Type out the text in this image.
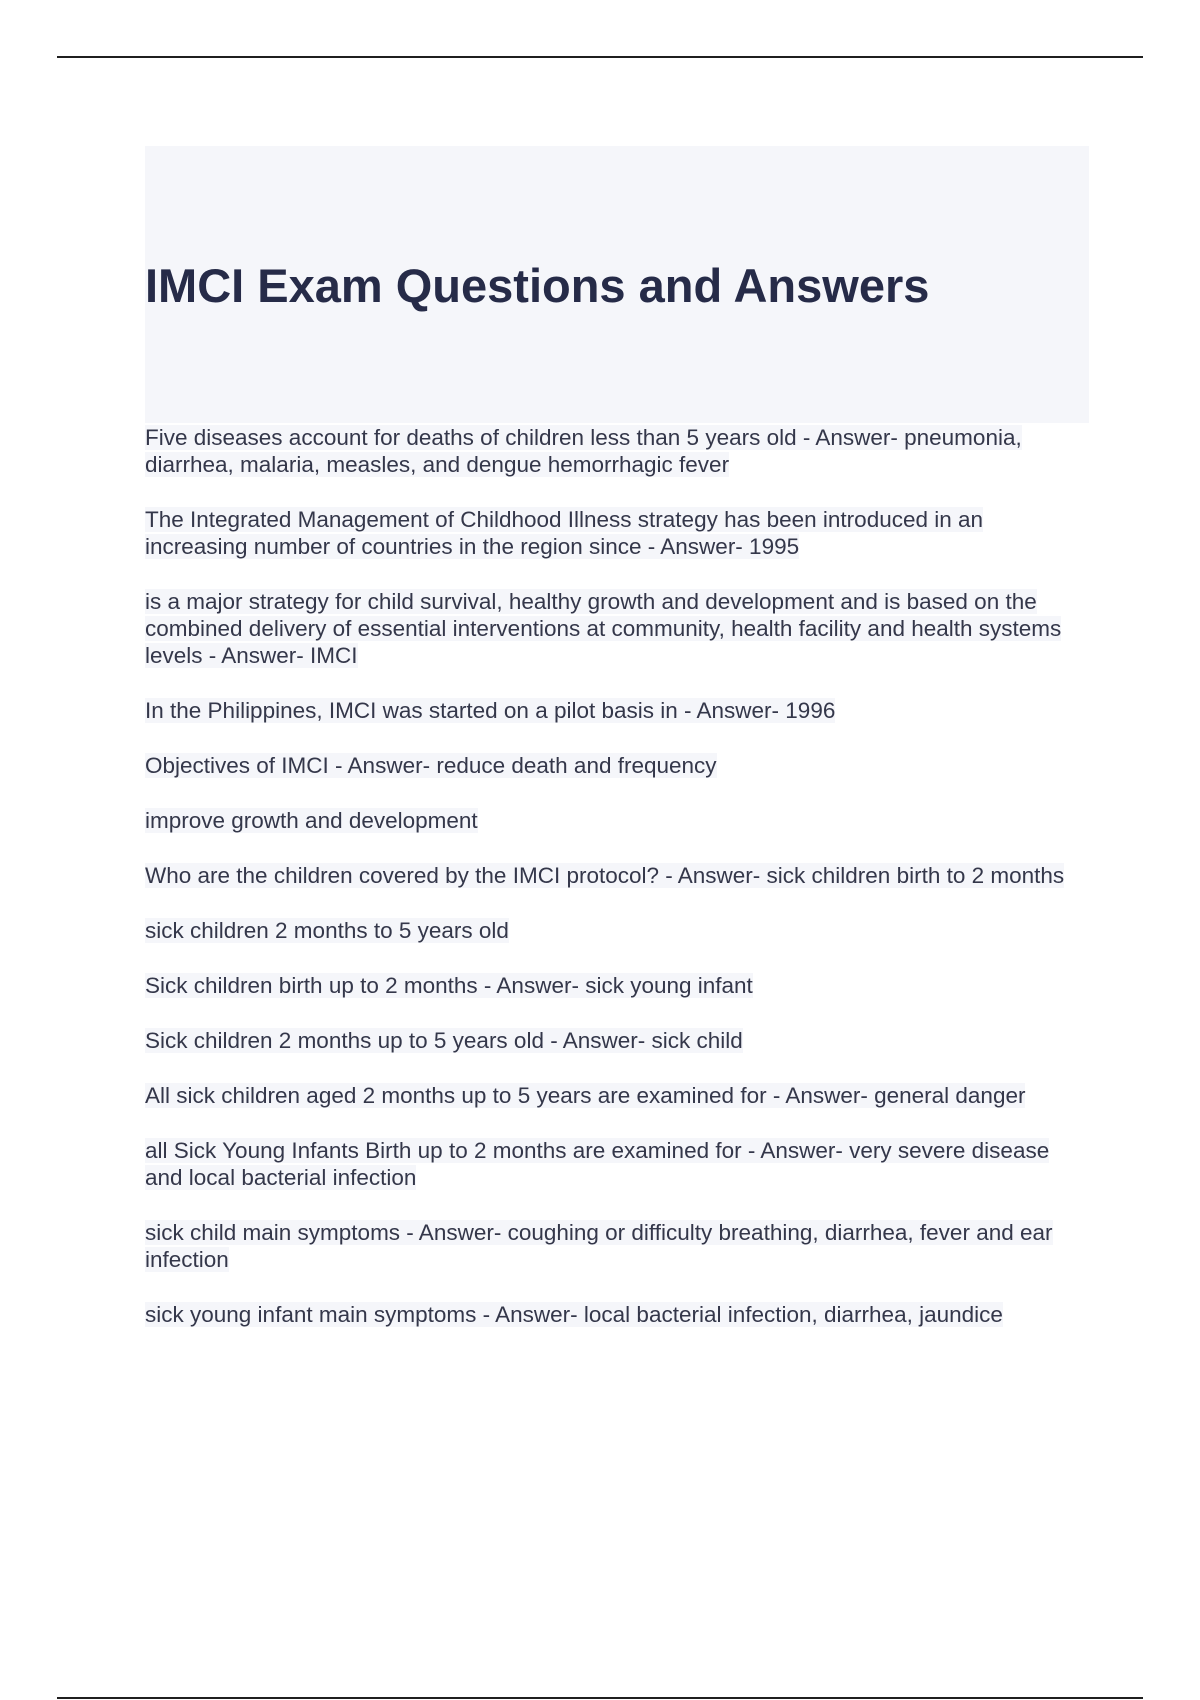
IMCI Exam Questions and Answers

Five diseases account for deaths of children less than 5 years old - Answer- pneumonia, diarrhea, malaria, measles, and dengue hemorrhagic fever

The Integrated Management of Childhood Illness strategy has been introduced in an increasing number of countries in the region since - Answer- 1995

is a major strategy for child survival, healthy growth and development and is based on the combined delivery of essential interventions at community, health facility and health systems levels - Answer- IMCI

In the Philippines, IMCI was started on a pilot basis in - Answer- 1996

Objectives of IMCI - Answer- reduce death and frequency

improve growth and development

Who are the children covered by the IMCI protocol? - Answer- sick children birth to 2 months

sick children 2 months to 5 years old

Sick children birth up to 2 months - Answer- sick young infant

Sick children 2 months up to 5 years old - Answer- sick child

All sick children aged 2 months up to 5 years are examined for - Answer- general danger

all Sick Young Infants Birth up to 2 months are examined for - Answer- very severe disease and local bacterial infection

sick child main symptoms - Answer- coughing or difficulty breathing, diarrhea, fever and ear infection

sick young infant main symptoms - Answer- local bacterial infection, diarrhea, jaundice
